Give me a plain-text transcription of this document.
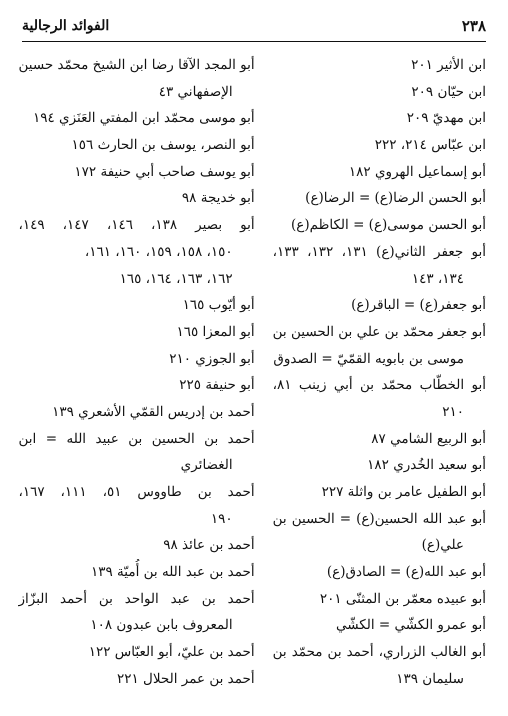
الفوائد الرجالية	٢٣٨
ابن الأثير ٢٠١
ابن حيّان ٢٠٩
ابن مهديّ ٢٠٩
ابن عبّاس ٢١٤، ٢٢٢
أبو إسماعيل الهروي ١٨٢
أبو الحسن الرضا(ع) = الرضا(ع)
أبو الحسن موسى(ع) = الكاظم(ع)
أبو جعفر الثاني(ع) ١٣١، ١٣٢، ١٣٣،
١٣٤، ١٤٣
أبو جعفر(ع) = الباقر(ع)
أبو جعفر محمّد بن علي بن الحسين بن
موسى بن بابويه القمّيّ = الصدوق
أبو الخطّاب محمّد بن أبي زينب ٨١،
٢١٠
أبو الربيع الشامي ٨٧
أبو سعيد الخُدري ١٨٢
أبو الطفيل عامر بن واثلة ٢٢٧
أبو عبد الله الحسين(ع) = الحسين بن
علي(ع)
أبو عبد الله(ع) = الصادق(ع)
أبو عبيده معمّر بن المثنّى ٢٠١
أبو عمرو الكشّي = الكشّي
أبو الغالب الزراري، أحمد بن محمّد بن
سليمان ١٣٩
أبو المجد الآقا رضا ابن الشيخ محمّد حسين
الإصفهاني ٤٣
أبو موسى محمّد ابن المفتي العَنَزي ١٩٤
أبو النصر، يوسف بن الحارث ١٥٦
أبو يوسف صاحب أبي حنيفة ١٧٢
أبو خديجة ٩٨
أبو بصير ١٣٨، ١٤٦، ١٤٧، ١٤٩،
١٥٠، ١٥٨، ١٥٩، ١٦٠، ١٦١،
١٦٢، ١٦٣، ١٦٤، ١٦٥
أبو أيّوب ١٦٥
أبو المعزا ١٦٥
أبو الجوزي ٢١٠
أبو حنيفة ٢٢٥
أحمد بن إدريس القمّي الأشعري ١٣٩
أحمد بن الحسين بن عبيد الله = ابن
الغضائري
أحمد بن طاووس ٥١، ١١١، ١٦٧،
١٩٠
أحمد بن عائذ ٩٨
أحمد بن عبد الله بن أُميّة ١٣٩
أحمد بن عبد الواحد بن أحمد البزّاز
المعروف بابن عبدون ١٠٨
أحمد بن عليّ، أبو العبّاس ١٢٢
أحمد بن عمر الحلال ٢٢١
